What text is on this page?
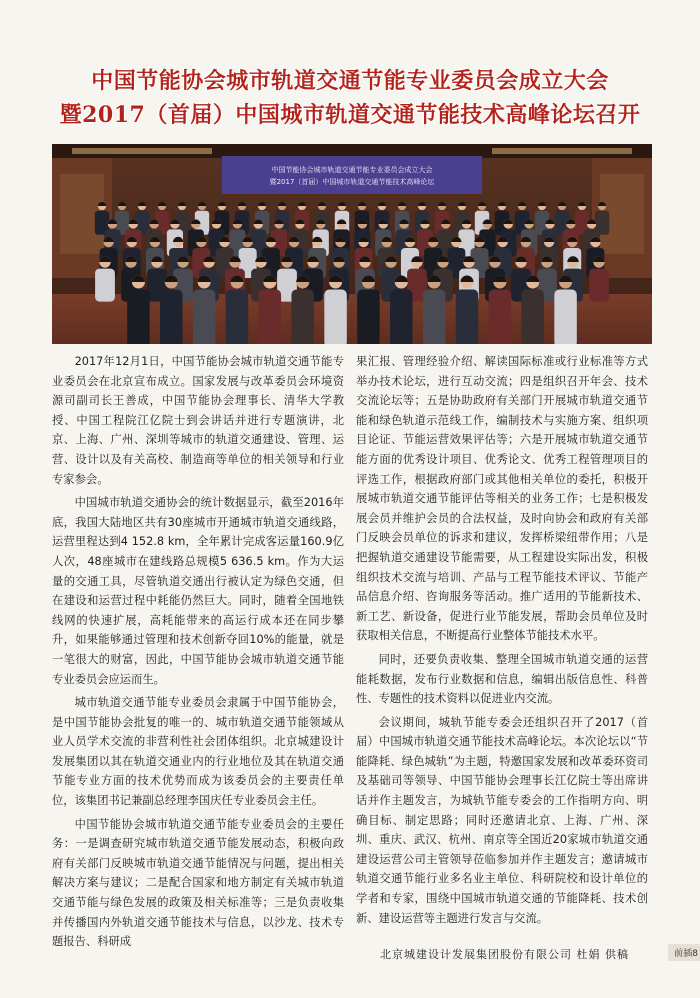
中国节能协会城市轨道交通节能专业委员会成立大会
暨2017（首届）中国城市轨道交通节能技术高峰论坛召开
中国节能协会城市轨道交通节能专业委员会成立大会
暨2017（首届）中国城市轨道交通节能技术高峰论坛

2017年12月1日，中国节能协会城市轨道交通节能专业委员会在北京宣布成立。国家发展与改革委员会环境资源司副司长王善成，中国节能协会理事长、清华大学教授、中国工程院江亿院士到会讲话并进行专题演讲，北京、上海、广州、深圳等城市的轨道交通建设、管理、运营、设计以及有关高校、制造商等单位的相关领导和行业专家参会。

中国城市轨道交通协会的统计数据显示，截至2016年底，我国大陆地区共有30座城市开通城市轨道交通线路，运营里程达到4 152.8 km，全年累计完成客运量160.9亿人次，48座城市在建线路总规模5 636.5 km。作为大运量的交通工具，尽管轨道交通出行被认定为绿色交通，但在建设和运营过程中耗能仍然巨大。同时，随着全国地铁线网的快速扩展，高耗能带来的高运行成本还在同步攀升，如果能够通过管理和技术创新夺回10%的能量，就是一笔很大的财富，因此，中国节能协会城市轨道交通节能专业委员会应运而生。

城市轨道交通节能专业委员会隶属于中国节能协会，是中国节能协会批复的唯一的、城市轨道交通节能领域从业人员学术交流的非营利性社会团体组织。北京城建设计发展集团以其在轨道交通业内的行业地位及其在轨道交通节能专业方面的技术优势而成为该委员会的主要责任单位，该集团书记兼副总经理李国庆任专业委员会主任。

中国节能协会城市轨道交通节能专业委员会的主要任务：一是调查研究城市轨道交通节能发展动态，积极向政府有关部门反映城市轨道交通节能情况与问题，提出相关解决方案与建议；二是配合国家和地方制定有关城市轨道交通节能与绿色发展的政策及相关标准等；三是负责收集并传播国内外轨道交通节能技术与信息，以沙龙、技术专题报告、科研成

果汇报、管理经验介绍、解读国际标准或行业标准等方式举办技术论坛，进行互动交流；四是组织召开年会、技术交流论坛等；五是协助政府有关部门开展城市轨道交通节能和绿色轨道示范线工作，编制技术与实施方案、组织项目论证、节能运营效果评估等；六是开展城市轨道交通节能方面的优秀设计项目、优秀论文、优秀工程管理项目的评选工作，根据政府部门或其他相关单位的委托，积极开展城市轨道交通节能评估等相关的业务工作；七是积极发展会员并维护会员的合法权益，及时向协会和政府有关部门反映会员单位的诉求和建议，发挥桥梁纽带作用；八是把握轨道交通建设节能需要，从工程建设实际出发，积极组织技术交流与培训、产品与工程节能技术评议、节能产品信息介绍、咨询服务等活动。推广适用的节能新技术、新工艺、新设备，促进行业节能发展，帮助会员单位及时获取相关信息，不断提高行业整体节能技术水平。

同时，还要负责收集、整理全国城市轨道交通的运营能耗数据，发布行业数据和信息，编辑出版信息性、科普性、专题性的技术资料以促进业内交流。

会议期间，城轨节能专委会还组织召开了2017（首届）中国城市轨道交通节能技术高峰论坛。本次论坛以“节能降耗、绿色城轨”为主题，特邀国家发展和改革委环资司及基础司等领导、中国节能协会理事长江亿院士等出席讲话并作主题发言，为城轨节能专委会的工作指明方向、明确目标、制定思路；同时还邀请北京、上海、广州、深圳、重庆、武汉、杭州、南京等全国近20家城市轨道交通建设运营公司主管领导莅临参加并作主题发言；邀请城市轨道交通节能行业多名业主单位、科研院校和设计单位的学者和专家，围绕中国城市轨道交通的节能降耗、技术创新、建设运营等主题进行发言与交流。

北京城建设计发展集团股份有限公司 杜娟 供稿	前插8
